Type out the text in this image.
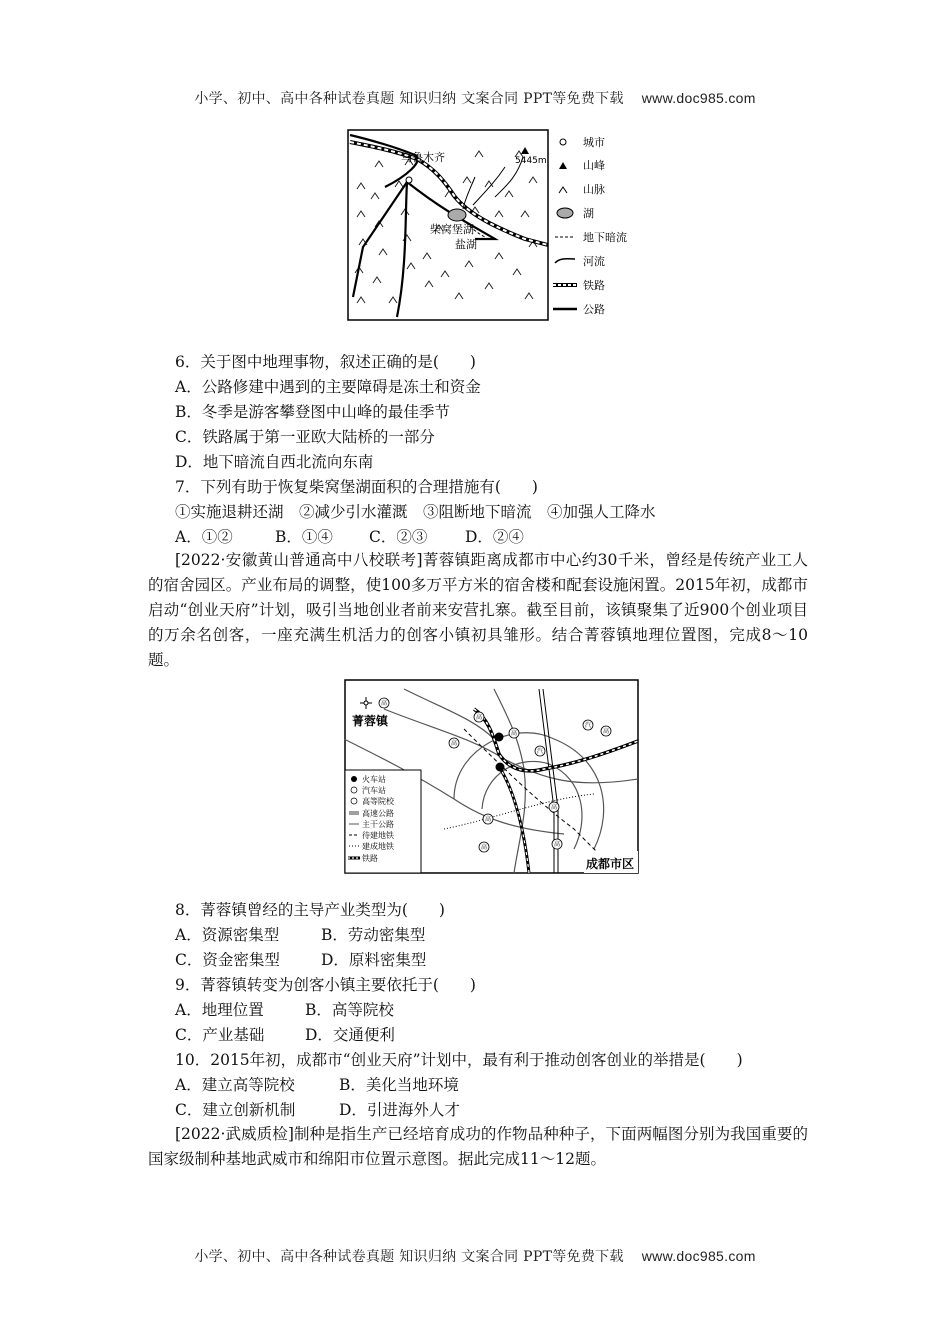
小学、初中、高中各种试卷真题 知识归纳 文案合同 PPT等免费下载 www.doc985.com
乌鲁木齐	5445m
柴窝堡湖
盐湖
城市
山峰
山脉
湖
地下暗流
河流
铁路
公路
6．关于图中地理事物，叙述正确的是(　　)
A．公路修建中遇到的主要障碍是冻土和资金
B．冬季是游客攀登图中山峰的最佳季节
C．铁路属于第一亚欧大陆桥的一部分
D．地下暗流自西北流向东南
7．下列有助于恢复柴窝堡湖面积的合理措施有(　　)
①实施退耕还湖　②减少引水灌溉　③阻断地下暗流　④加强人工降水
A．①②	B．①④ C．②③ D．②④
[2022·安徽黄山普通高中八校联考]菁蓉镇距离成都市中心约30千米，曾经是传统产业工人的宿舍园区。产业布局的调整，使100多万平方米的宿舍楼和配套设施闲置。2015年初，成都市启动“创业天府”计划，吸引当地创业者前来安营扎寨。截至目前，该镇聚集了近900个创业项目的万余名创客，一座充满生机活力的创客小镇初具雏形。结合菁蓉镇地理位置图，完成8～10题。
菁蓉镇
高
高
高
高
高
高
高	高
高
汽
汽
成都市区
火车站
汽车站
高等院校
高速公路
主干公路
待建地铁
建成地铁
铁路
8．菁蓉镇曾经的主导产业类型为(　　)
A．资源密集型	B．劳动密集型
C．资金密集型	D．原料密集型
9．菁蓉镇转变为创客小镇主要依托于(　　)
A．地理位置	B．高等院校
C．产业基础	D．交通便利
10．2015年初，成都市“创业天府”计划中，最有利于推动创客创业的举措是(　　)
A．建立高等院校	B．美化当地环境
C．建立创新机制	D．引进海外人才
[2022·武威质检]制种是指生产已经培育成功的作物品种种子，下面两幅图分别为我国重要的国家级制种基地武威市和绵阳市位置示意图。据此完成11～12题。
小学、初中、高中各种试卷真题 知识归纳 文案合同 PPT等免费下载 www.doc985.com
